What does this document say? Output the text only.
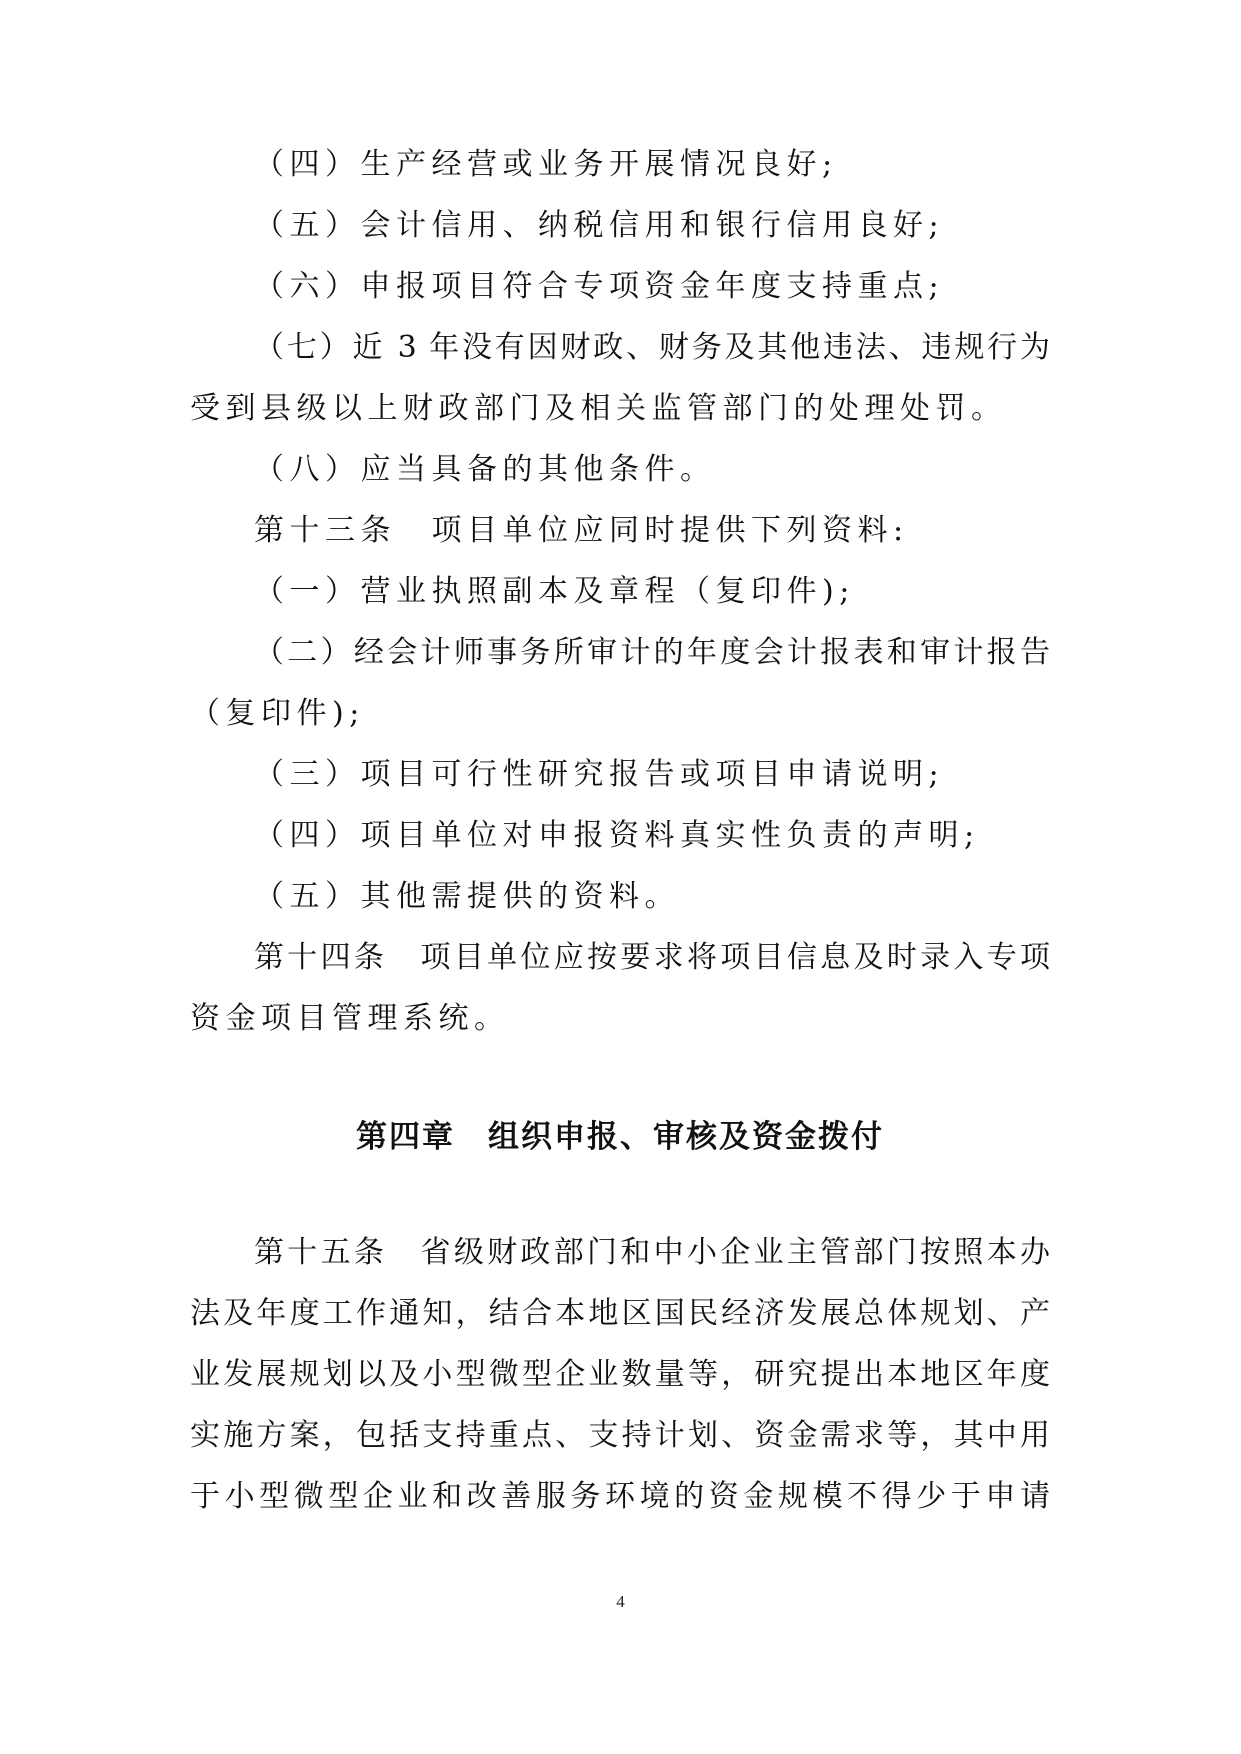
（四）生产经营或业务开展情况良好;
（五）会计信用、纳税信用和银行信用良好;
（六）申报项目符合专项资金年度支持重点;
（七）近 3 年没有因财政、财务及其他违法、违规行为
受到县级以上财政部门及相关监管部门的处理处罚。
（八）应当具备的其他条件。
第十三条　项目单位应同时提供下列资料:
（一）营业执照副本及章程（复印件);
（二）经会计师事务所审计的年度会计报表和审计报告
（复印件);
（三）项目可行性研究报告或项目申请说明;
（四）项目单位对申报资料真实性负责的声明;
（五）其他需提供的资料。
第十四条　项目单位应按要求将项目信息及时录入专项
资金项目管理系统。
第四章　组织申报、审核及资金拨付
第十五条　省级财政部门和中小企业主管部门按照本办
法及年度工作通知，结合本地区国民经济发展总体规划、产
业发展规划以及小型微型企业数量等，研究提出本地区年度
实施方案，包括支持重点、支持计划、资金需求等，其中用
于小型微型企业和改善服务环境的资金规模不得少于申请
4
